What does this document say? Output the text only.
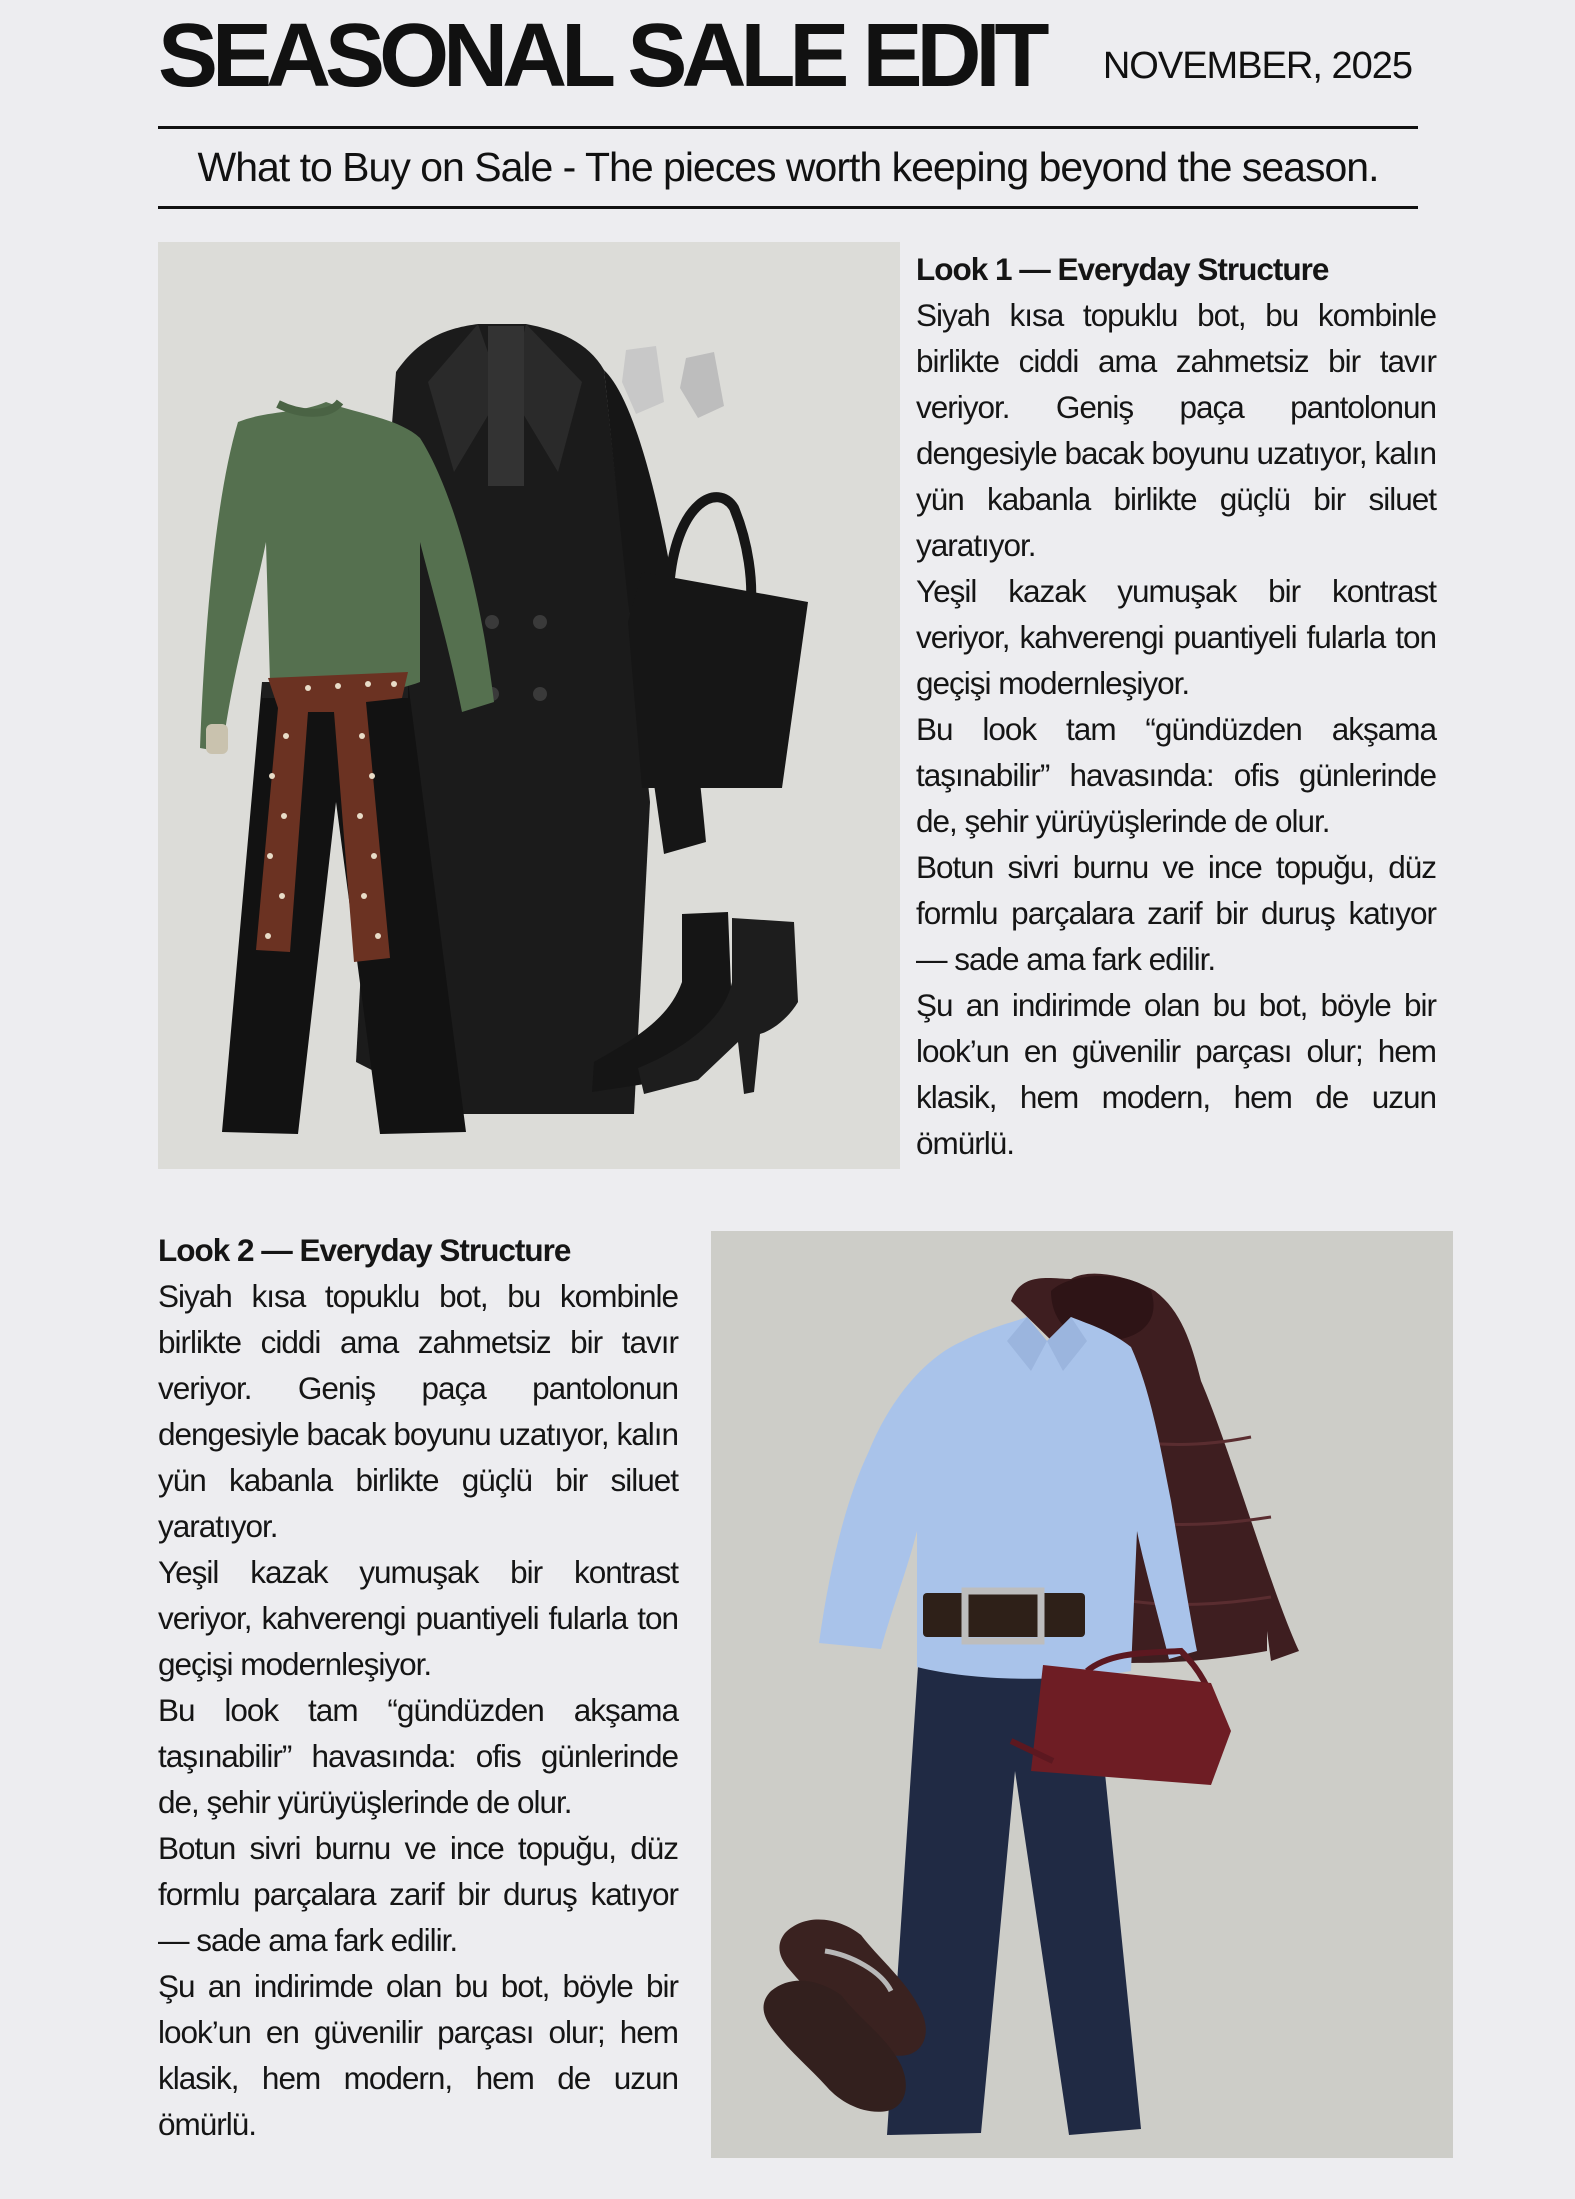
SEASONAL SALE EDIT NOVEMBER, 2025
What to Buy on Sale - The pieces worth keeping beyond the season.
Look 1 — Everyday Structure

Siyah kısa topuklu bot, bu kombinle birlikte ciddi ama zahmetsiz bir tavır veriyor. Geniş paça pantolonun dengesiyle bacak boyunu uzatıyor, kalın yün kabanla birlikte güçlü bir siluet yaratıyor.

Yeşil kazak yumuşak bir kontrast veriyor, kahverengi puantiyeli fularla ton geçişi modernleşiyor.

Bu look tam “gündüzden akşama taşınabilir” havasında: ofis günlerinde de, şehir yürüyüşlerinde de olur.

Botun sivri burnu ve ince topuğu, düz formlu parçalara zarif bir duruş katıyor — sade ama fark edilir.

Şu an indirimde olan bu bot, böyle bir look’un en güvenilir parçası olur; hem klasik, hem modern, hem de uzun ömürlü.

Look 2 — Everyday Structure

Siyah kısa topuklu bot, bu kombinle birlikte ciddi ama zahmetsiz bir tavır veriyor. Geniş paça pantolonun dengesiyle bacak boyunu uzatıyor, kalın yün kabanla birlikte güçlü bir siluet yaratıyor.

Yeşil kazak yumuşak bir kontrast veriyor, kahverengi puantiyeli fularla ton geçişi modernleşiyor.

Bu look tam “gündüzden akşama taşınabilir” havasında: ofis günlerinde de, şehir yürüyüşlerinde de olur.

Botun sivri burnu ve ince topuğu, düz formlu parçalara zarif bir duruş katıyor — sade ama fark edilir.

Şu an indirimde olan bu bot, böyle bir look’un en güvenilir parçası olur; hem klasik, hem modern, hem de uzun ömürlü.
